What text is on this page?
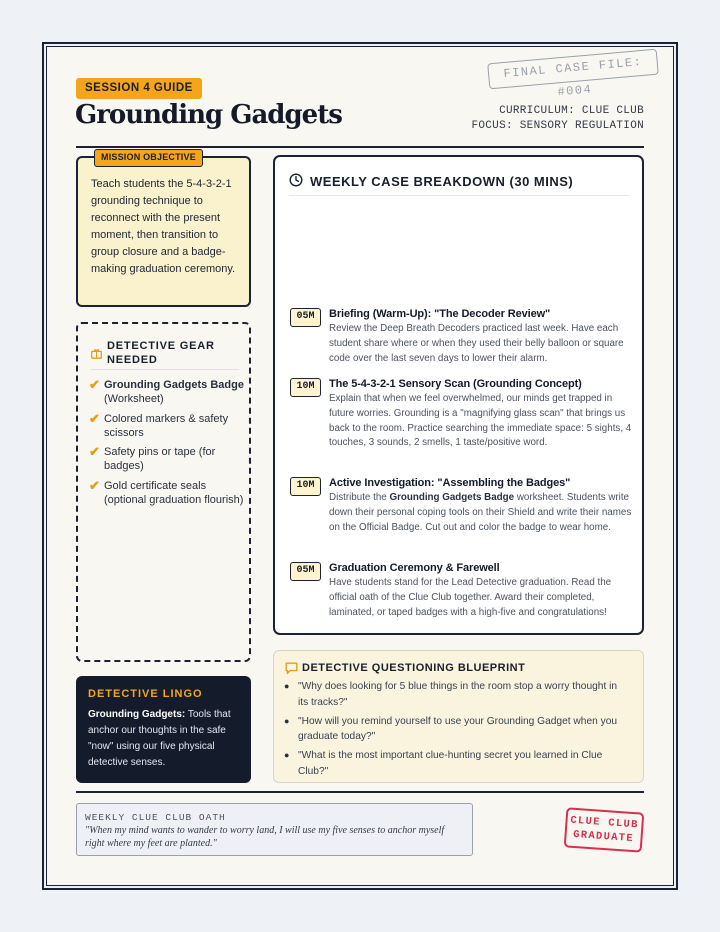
FINAL CASE FILE: #004
SESSION 4 GUIDE
Grounding Gadgets	CURRICULUM: CLUE CLUB
FOCUS: SENSORY REGULATION
MISSION OBJECTIVE
Teach students the 5-4-3-2-1 grounding technique to reconnect with the present moment, then transition to group closure and a badge-making graduation ceremony.
DETECTIVE GEAR NEEDED
✔ Grounding Gadgets Badge (Worksheet)
✔ Colored markers & safety scissors
✔ Safety pins or tape (for badges)
✔ Gold certificate seals (optional graduation flourish)
DETECTIVE LINGO
Grounding Gadgets: Tools that anchor our thoughts in the safe "now" using our five physical detective senses.
WEEKLY CASE BREAKDOWN (30 MINS)
05M	Briefing (Warm-Up): "The Decoder Review"
Review the Deep Breath Decoders practiced last week. Have each student share where or when they used their belly balloon or square code over the last seven days to lower their alarm.
10M	The 5-4-3-2-1 Sensory Scan (Grounding Concept)
Explain that when we feel overwhelmed, our minds get trapped in future worries. Grounding is a "magnifying glass scan" that brings us back to the room. Practice searching the immediate space: 5 sights, 4 touches, 3 sounds, 2 smells, 1 taste/positive word.
10M	Active Investigation: "Assembling the Badges"
Distribute the Grounding Gadgets Badge worksheet. Students write down their personal coping tools on their Shield and write their names on the Official Badge. Cut out and color the badge to wear home.
05M	Graduation Ceremony & Farewell
Have students stand for the Lead Detective graduation. Read the official oath of the Clue Club together. Award their completed, laminated, or taped badges with a high-five and congratulations!
DETECTIVE QUESTIONING BLUEPRINT
● "Why does looking for 5 blue things in the room stop a worry thought in its tracks?"
● "How will you remind yourself to use your Grounding Gadget when you graduate today?"
● "What is the most important clue-hunting secret you learned in Clue Club?"
WEEKLY CLUE CLUB OATH
"When my mind wants to wander to worry land, I will use my five senses to anchor myself right where my feet are planted."
CLUE CLUB
GRADUATE
